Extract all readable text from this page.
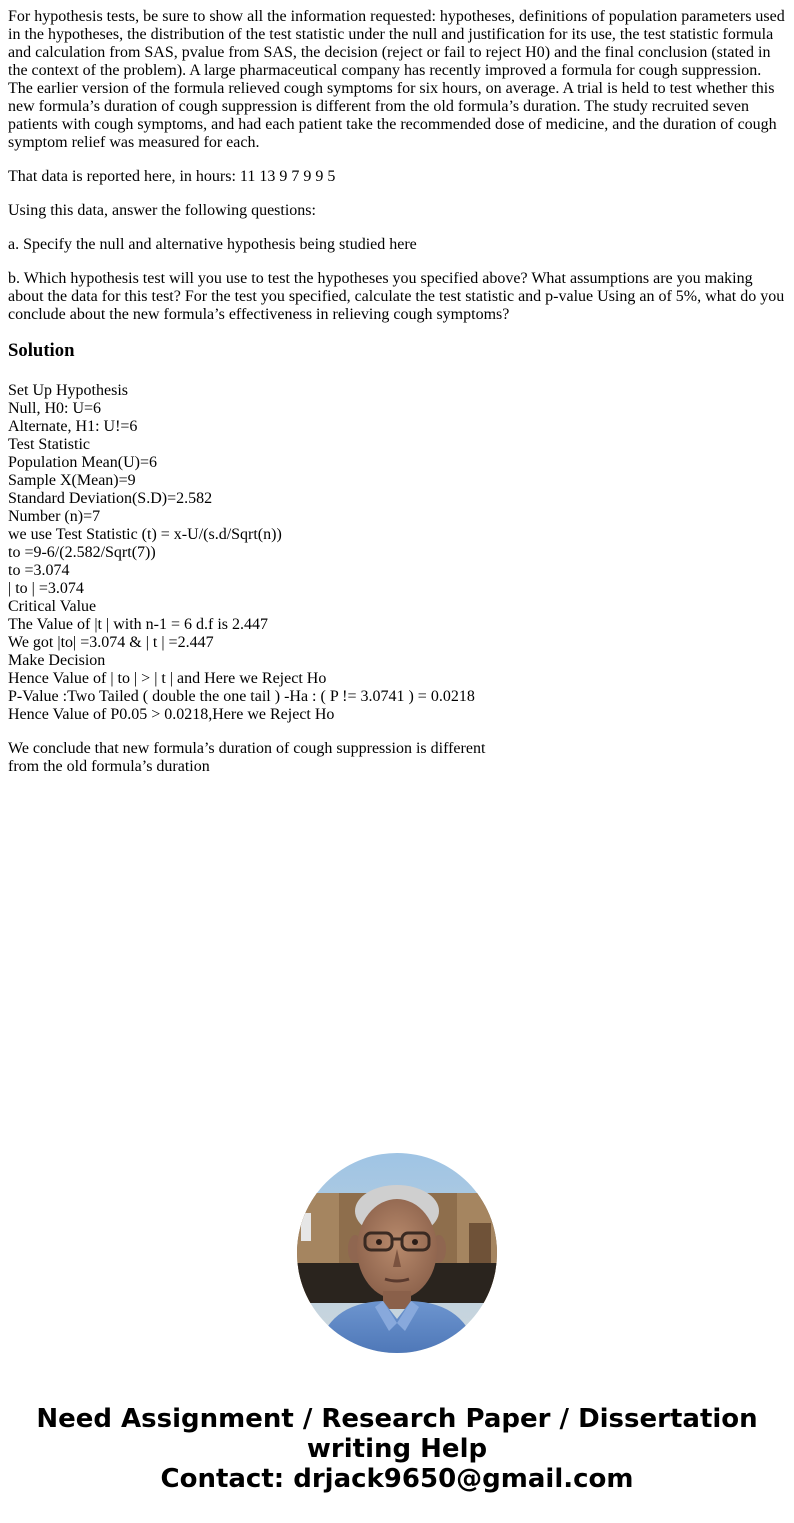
For hypothesis tests, be sure to show all the information requested: hypotheses, definitions of population parameters used in the hypotheses, the distribution of the test statistic under the null and justification for its use, the test statistic formula and calculation from SAS, pvalue from SAS, the decision (reject or fail to reject H0) and the final conclusion (stated in the context of the problem). A large pharmaceutical company has recently improved a formula for cough suppression. The earlier version of the formula relieved cough symptoms for six hours, on average. A trial is held to test whether this new formula’s duration of cough suppression is different from the old formula’s duration. The study recruited seven patients with cough symptoms, and had each patient take the recommended dose of medicine, and the duration of cough symptom relief was measured for each.

That data is reported here, in hours: 11 13 9 7 9 9 5

Using this data, answer the following questions:

a. Specify the null and alternative hypothesis being studied here

b. Which hypothesis test will you use to test the hypotheses you specified above? What assumptions are you making about the data for this test? For the test you specified, calculate the test statistic and p-value Using an of 5%, what do you conclude about the new formula’s effectiveness in relieving cough symptoms?

Solution
Set Up Hypothesis
Null, H0: U=6
Alternate, H1: U!=6
Test Statistic
Population Mean(U)=6
Sample X(Mean)=9
Standard Deviation(S.D)=2.582
Number (n)=7
we use Test Statistic (t) = x-U/(s.d/Sqrt(n))
to =9-6/(2.582/Sqrt(7))
to =3.074
| to | =3.074
Critical Value
The Value of |t | with n-1 = 6 d.f is 2.447
We got |to| =3.074 & | t | =2.447
Make Decision
Hence Value of | to | > | t | and Here we Reject Ho
P-Value :Two Tailed ( double the one tail ) -Ha : ( P != 3.0741 ) = 0.0218
Hence Value of P0.05 > 0.0218,Here we Reject Ho
We conclude that new formula’s duration of cough suppression is different
from the old formula’s duration
Need Assignment / Research Paper / Dissertation
writing Help
Contact: drjack9650@gmail.com
